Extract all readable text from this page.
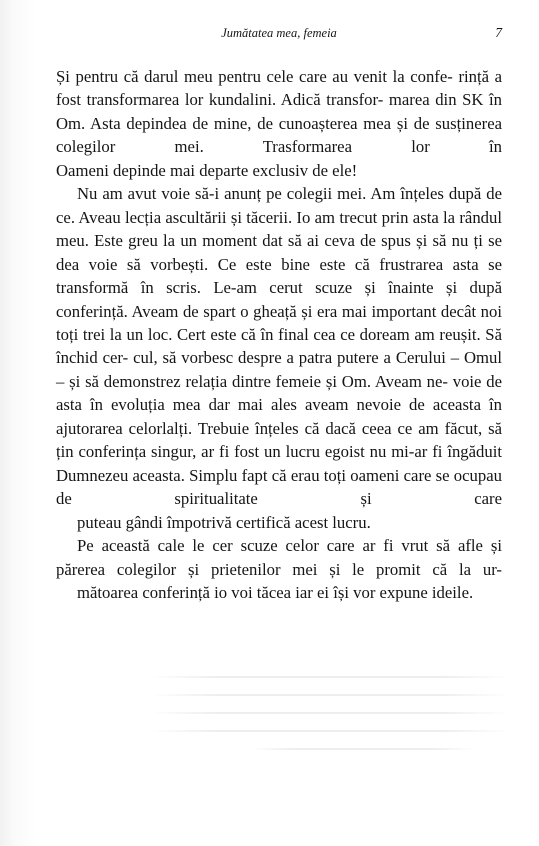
Jumătatea mea, femeia	7

Și pentru că darul meu pentru cele care au venit la confe- rință a fost transformarea lor kundalini. Adică transfor- marea din SK în Om. Asta depindea de mine, de cunoașterea mea și de susținerea colegilor mei. Trasformarea lor în
Oameni depinde mai departe exclusiv de ele!

Nu am avut voie să-i anunț pe colegii mei. Am înțeles după de ce. Aveau lecția ascultării și tăcerii. Io am trecut prin asta la rândul meu. Este greu la un moment dat să ai ceva de spus și să nu ți se dea voie să vorbești. Ce este bine este că frustrarea asta se transformă în scris. Le-am cerut scuze și înainte și după conferință. Aveam de spart o gheață și era mai important decât noi toți trei la un loc. Cert este că în final cea ce doream am reușit. Să închid cer- cul, să vorbesc despre a patra putere a Cerului – Omul – și să demonstrez relația dintre femeie și Om. Aveam ne- voie de asta în evoluția mea dar mai ales aveam nevoie de aceasta în ajutorarea celorlalți. Trebuie înțeles că dacă ceea ce am făcut, să țin conferința singur, ar fi fost un lucru egoist nu mi-ar fi îngăduit Dumnezeu aceasta. Simplu fapt că erau toți oameni care se ocupau de spiritualitate și care
puteau gândi împotrivă certifică acest lucru.

Pe această cale le cer scuze celor care ar fi vrut să afle și părerea colegilor și prietenilor mei și le promit că la ur-
mătoarea conferință io voi tăcea iar ei își vor expune ideile.
